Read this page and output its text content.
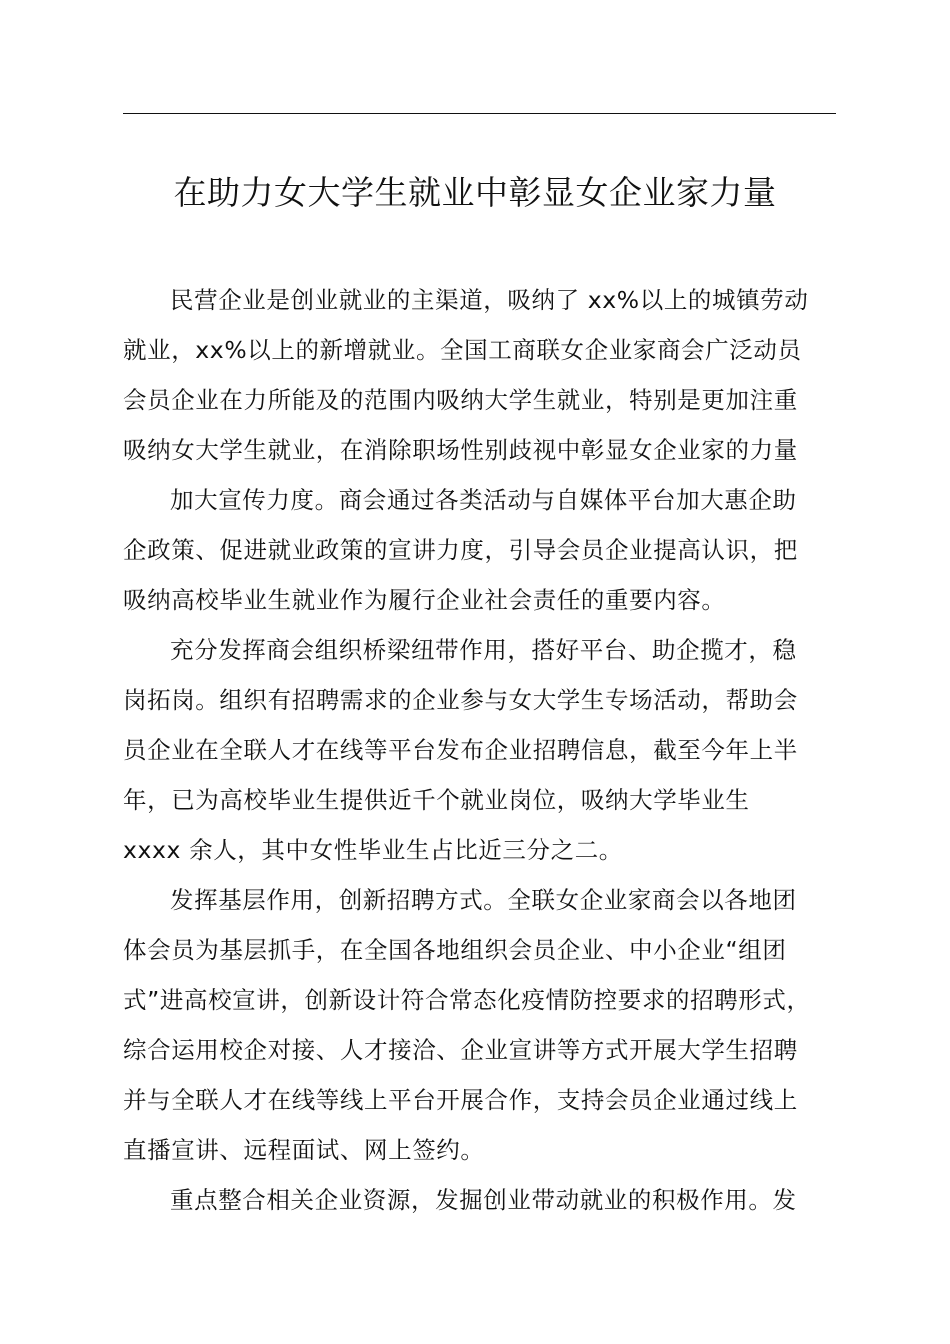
在助力女大学生就业中彰显女企业家力量

民营企业是创业就业的主渠道，吸纳了 xx%以上的城镇劳动
就业，xx%以上的新增就业。全国工商联女企业家商会广泛动员
会员企业在力所能及的范围内吸纳大学生就业，特别是更加注重
吸纳女大学生就业，在消除职场性别歧视中彰显女企业家的力量

加大宣传力度。商会通过各类活动与自媒体平台加大惠企助
企政策、促进就业政策的宣讲力度，引导会员企业提高认识，把
吸纳高校毕业生就业作为履行企业社会责任的重要内容。

充分发挥商会组织桥梁纽带作用，搭好平台、助企揽才，稳
岗拓岗。组织有招聘需求的企业参与女大学生专场活动，帮助会
员企业在全联人才在线等平台发布企业招聘信息，截至今年上半
年，已为高校毕业生提供近千个就业岗位，吸纳大学毕业生
xxxx 余人，其中女性毕业生占比近三分之二。

发挥基层作用，创新招聘方式。全联女企业家商会以各地团
体会员为基层抓手，在全国各地组织会员企业、中小企业“组团
式”进高校宣讲，创新设计符合常态化疫情防控要求的招聘形式，
综合运用校企对接、人才接洽、企业宣讲等方式开展大学生招聘
并与全联人才在线等线上平台开展合作，支持会员企业通过线上
直播宣讲、远程面试、网上签约。

重点整合相关企业资源，发掘创业带动就业的积极作用。发
